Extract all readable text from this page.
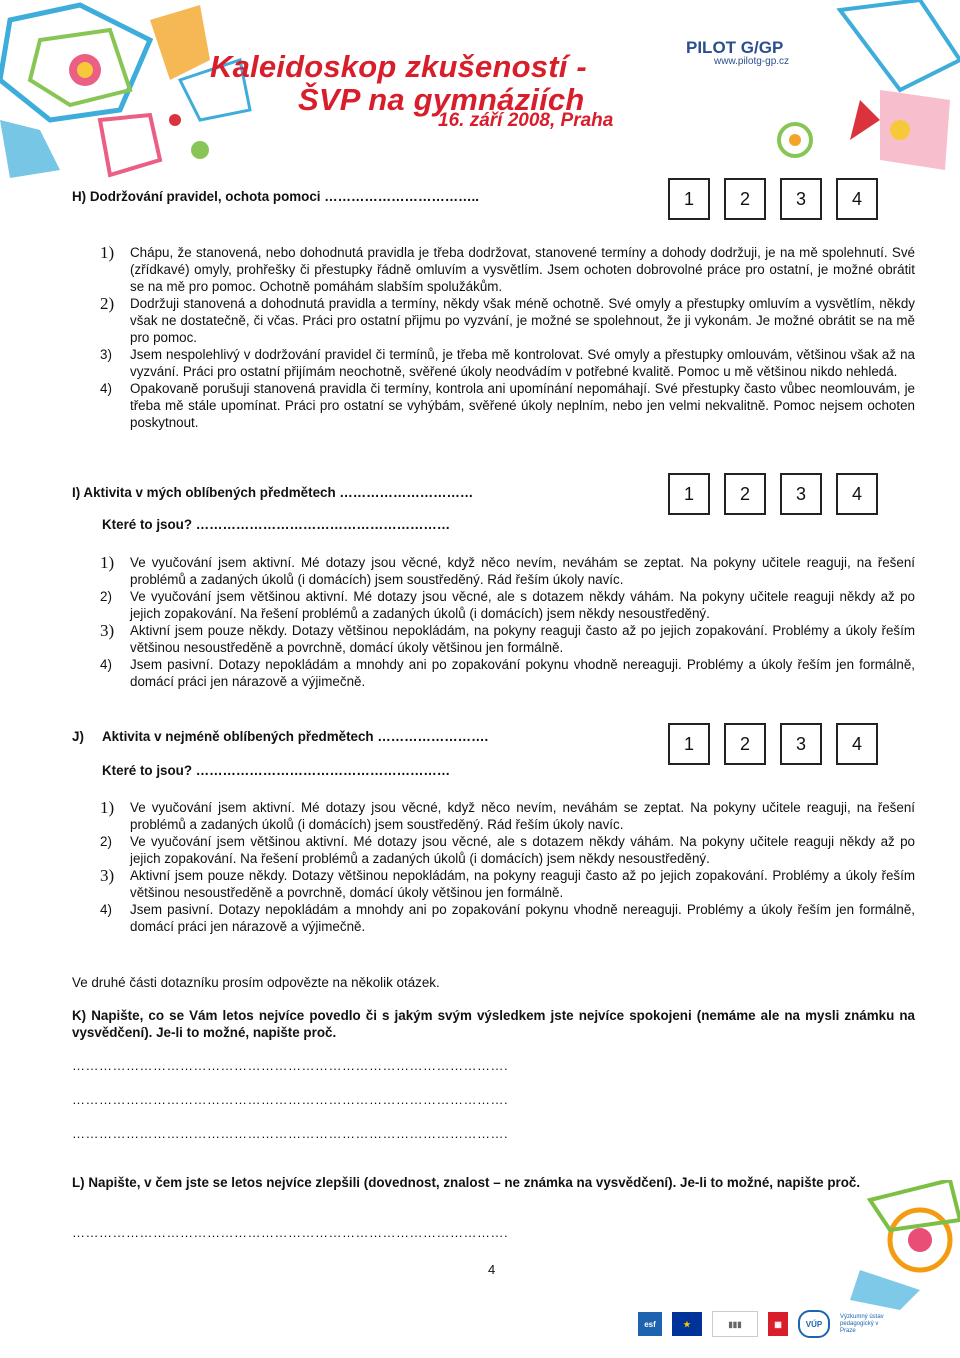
Kaleidoskop zkušeností -
ŠVP na gymnáziích
16. září 2008, Praha
PILOT G/GP
www.pilotg-gp.cz
H) Dodržování pravidel, ochota pomoci ……………………………..	1	2	3	4
1)	Chápu, že stanovená, nebo dohodnutá pravidla je třeba dodržovat, stanovené termíny a dohody dodržuji, je na mě spolehnutí. Své (zřídkavé) omyly, prohřešky či přestupky řádně omluvím a vysvětlím. Jsem ochoten dobrovolné práce pro ostatní, je možné obrátit se na mě pro pomoc. Ochotně pomáhám slabším spolužákům.
2)	Dodržuji stanovená a dohodnutá pravidla a termíny, někdy však méně ochotně. Své omyly a přestupky omluvím a vysvětlím, někdy však ne dostatečně, či včas. Práci pro ostatní přijmu po vyzvání, je možné se spolehnout, že ji vykonám. Je možné obrátit se na mě pro pomoc.
3)	Jsem nespolehlivý v dodržování pravidel či termínů, je třeba mě kontrolovat. Své omyly a přestupky omlouvám, většinou však až na vyzvání. Práci pro ostatní přijímám neochotně, svěřené úkoly neodvádím v potřebné kvalitě. Pomoc u mě většinou nikdo nehledá.
4)	Opakovaně porušuji stanovená pravidla či termíny, kontrola ani upomínání nepomáhají. Své přestupky často vůbec neomlouvám, je třeba mě stále upomínat. Práci pro ostatní se vyhýbám, svěřené úkoly neplním, nebo jen velmi nekvalitně. Pomoc nejsem ochoten poskytnout.
I) Aktivita v mých oblíbených předmětech …………………………
Které to jsou? …………………………………………………
1	2	3	4
1)	Ve vyučování jsem aktivní. Mé dotazy jsou věcné, když něco nevím, neváhám se zeptat. Na pokyny učitele reaguji, na řešení problémů a zadaných úkolů (i domácích) jsem soustředěný. Rád řeším úkoly navíc.
2)	Ve vyučování jsem většinou aktivní. Mé dotazy jsou věcné, ale s dotazem někdy váhám. Na pokyny učitele reaguji někdy až po jejich zopakování. Na řešení problémů a zadaných úkolů (i domácích) jsem někdy nesoustředěný.
3)	Aktivní jsem pouze někdy. Dotazy většinou nepokládám, na pokyny reaguji často až po jejich zopakování. Problémy a úkoly řeším většinou nesoustředěně a povrchně, domácí úkoly většinou jen formálně.
4)	Jsem pasivní. Dotazy nepokládám a mnohdy ani po zopakování pokynu vhodně nereaguji. Problémy a úkoly řeším jen formálně, domácí práci jen nárazově a výjimečně.
J) Aktivita v nejméně oblíbených předmětech …………………….
Které to jsou? …………………………………………………
1	2	3	4
1)	Ve vyučování jsem aktivní. Mé dotazy jsou věcné, když něco nevím, neváhám se zeptat. Na pokyny učitele reaguji, na řešení problémů a zadaných úkolů (i domácích) jsem soustředěný. Rád řeším úkoly navíc.
2)	Ve vyučování jsem většinou aktivní. Mé dotazy jsou věcné, ale s dotazem někdy váhám. Na pokyny učitele reaguji někdy až po jejich zopakování. Na řešení problémů a zadaných úkolů (i domácích) jsem někdy nesoustředěný.
3)	Aktivní jsem pouze někdy. Dotazy většinou nepokládám, na pokyny reaguji často až po jejich zopakování. Problémy a úkoly řeším většinou nesoustředěně a povrchně, domácí úkoly většinou jen formálně.
4)	Jsem pasivní. Dotazy nepokládám a mnohdy ani po zopakování pokynu vhodně nereaguji. Problémy a úkoly řeším jen formálně, domácí práci jen nárazově a výjimečně.
Ve druhé části dotazníku prosím odpovězte na několik otázek.
K) Napište, co se Vám letos nejvíce povedlo či s jakým svým výsledkem jste nejvíce spokojeni (nemáme ale na mysli známku na vysvědčení). Je-li to možné, napište proč.
…………………………………………………………………………………….
…………………………………………………………………………………….
…………………………………………………………………………………….
L) Napište, v čem jste se letos nejvíce zlepšili (dovednost, znalost – ne známka na vysvědčení). Je-li to možné, napište proč.
…………………………………………………………………………………….
4
esf	★	▮▮▮	▦	VÚP
Výzkumný ústav pedagogický v Praze
